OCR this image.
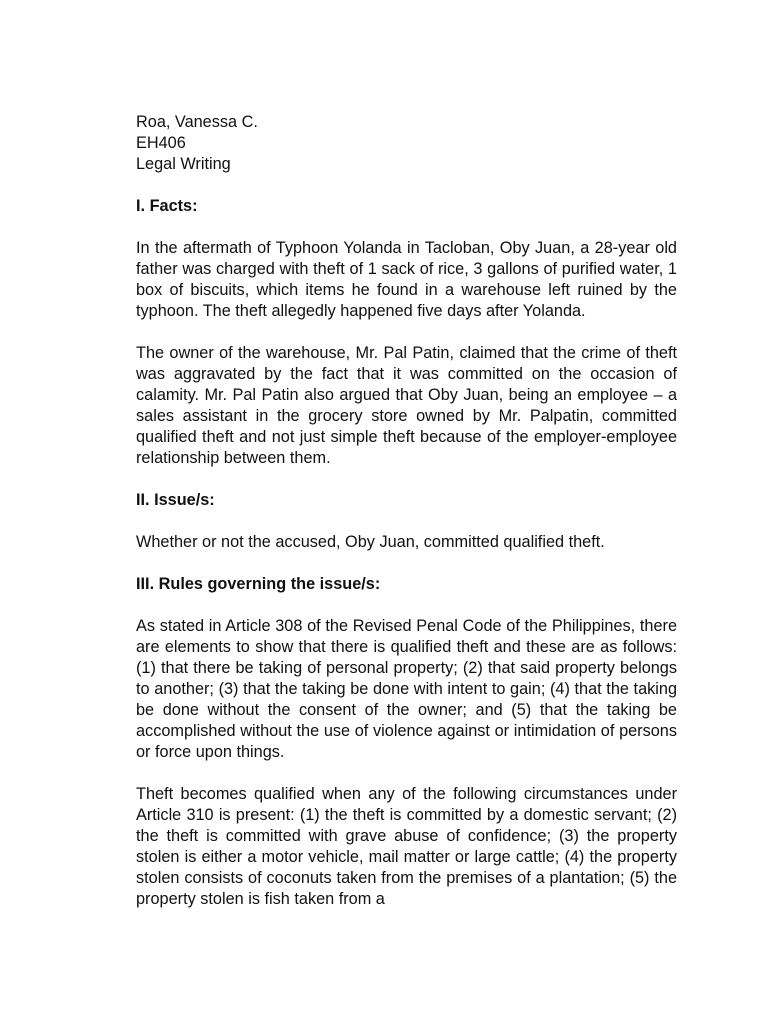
Roa, Vanessa C.
EH406
Legal Writing

I. Facts:

In the aftermath of Typhoon Yolanda in Tacloban, Oby Juan, a 28-year old father was charged with theft of 1 sack of rice, 3 gallons of purified water, 1 box of biscuits, which items he found in a warehouse left ruined by the typhoon. The theft allegedly happened five days after Yolanda.

The owner of the warehouse, Mr. Pal Patin, claimed that the crime of theft was aggravated by the fact that it was committed on the occasion of calamity. Mr. Pal Patin also argued that Oby Juan, being an employee – a sales assistant in the grocery store owned by Mr. Palpatin, committed qualified theft and not just simple theft because of the employer-employee relationship between them.

II. Issue/s:

Whether or not the accused, Oby Juan, committed qualified theft.

III. Rules governing the issue/s:

As stated in Article 308 of the Revised Penal Code of the Philippines, there are elements to show that there is qualified theft and these are as follows: (1) that there be taking of personal property; (2) that said property belongs to another; (3) that the taking be done with intent to gain; (4) that the taking be done without the consent of the owner; and (5) that the taking be accomplished without the use of violence against or intimidation of persons or force upon things.

Theft becomes qualified when any of the following circumstances under Article 310 is present: (1) the theft is committed by a domestic servant; (2) the theft is committed with grave abuse of confidence; (3) the property stolen is either a motor vehicle, mail matter or large cattle; (4) the property stolen consists of coconuts taken from the premises of a plantation; (5) the property stolen is fish taken from a
